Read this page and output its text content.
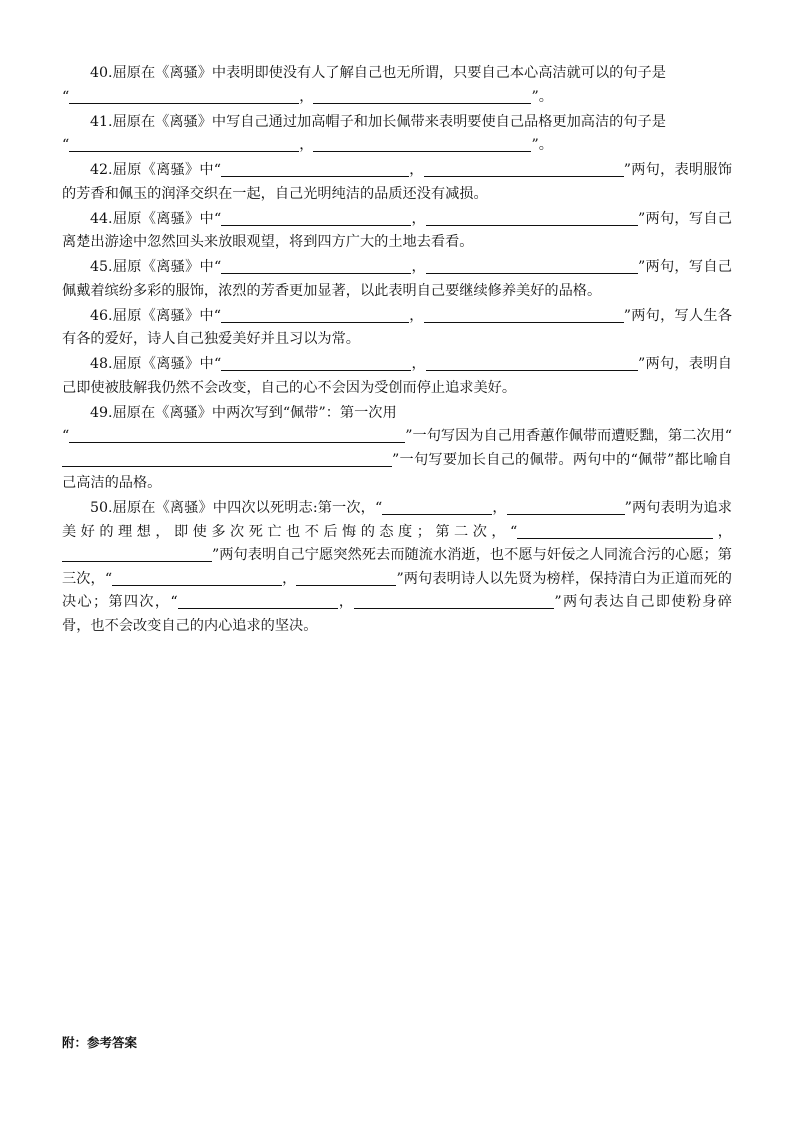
40.屈原在《离骚》中表明即使没有人了解自己也无所谓，只要自己本心高洁就可以的句子是
“	，	”。

41.屈原在《离骚》中写自己通过加高帽子和加长佩带来表明要使自己品格更加高洁的句子是
“	，	”。

42.屈原《离骚》中“	，	”两句，表明服饰的芳香和佩玉的润泽交织在一起，自己光明纯洁的品质还没有减损。

44.屈原《离骚》中“	，	”两句，写自己离楚出游途中忽然回头来放眼观望，将到四方广大的土地去看看。

45.屈原《离骚》中“	，	”两句，写自己佩戴着缤纷多彩的服饰，浓烈的芳香更加显著，以此表明自己要继续修养美好的品格。

46.屈原《离骚》中“	，	”两句，写人生各有各的爱好，诗人自己独爱美好并且习以为常。

48.屈原《离骚》中“	，	”两句，表明自己即使被肢解我仍然不会改变，自己的心不会因为受创而停止追求美好。

49.屈原在《离骚》中两次写到“佩带”：第一次用
“	”一句写因为自己用香蕙作佩带而遭贬黜，第二次用“”一句写要加长自己的佩带。两句中的“佩带”都比喻自己高洁的品格。

50.屈原在《离骚》中四次以死明志:第一次，“	，	”两句表明为追求美好的理想，即使多次死亡也不后悔的态度；第二次，“	，”两句表明自己宁愿突然死去而随流水消逝，也不愿与奸佞之人同流合污的心愿；第三次，“	，	”两句表明诗人以先贤为榜样，保持清白为正道而死的决心；第四次，“	，	”两句表达自己即使粉身碎骨，也不会改变自己的内心追求的坚决。

附：参考答案
